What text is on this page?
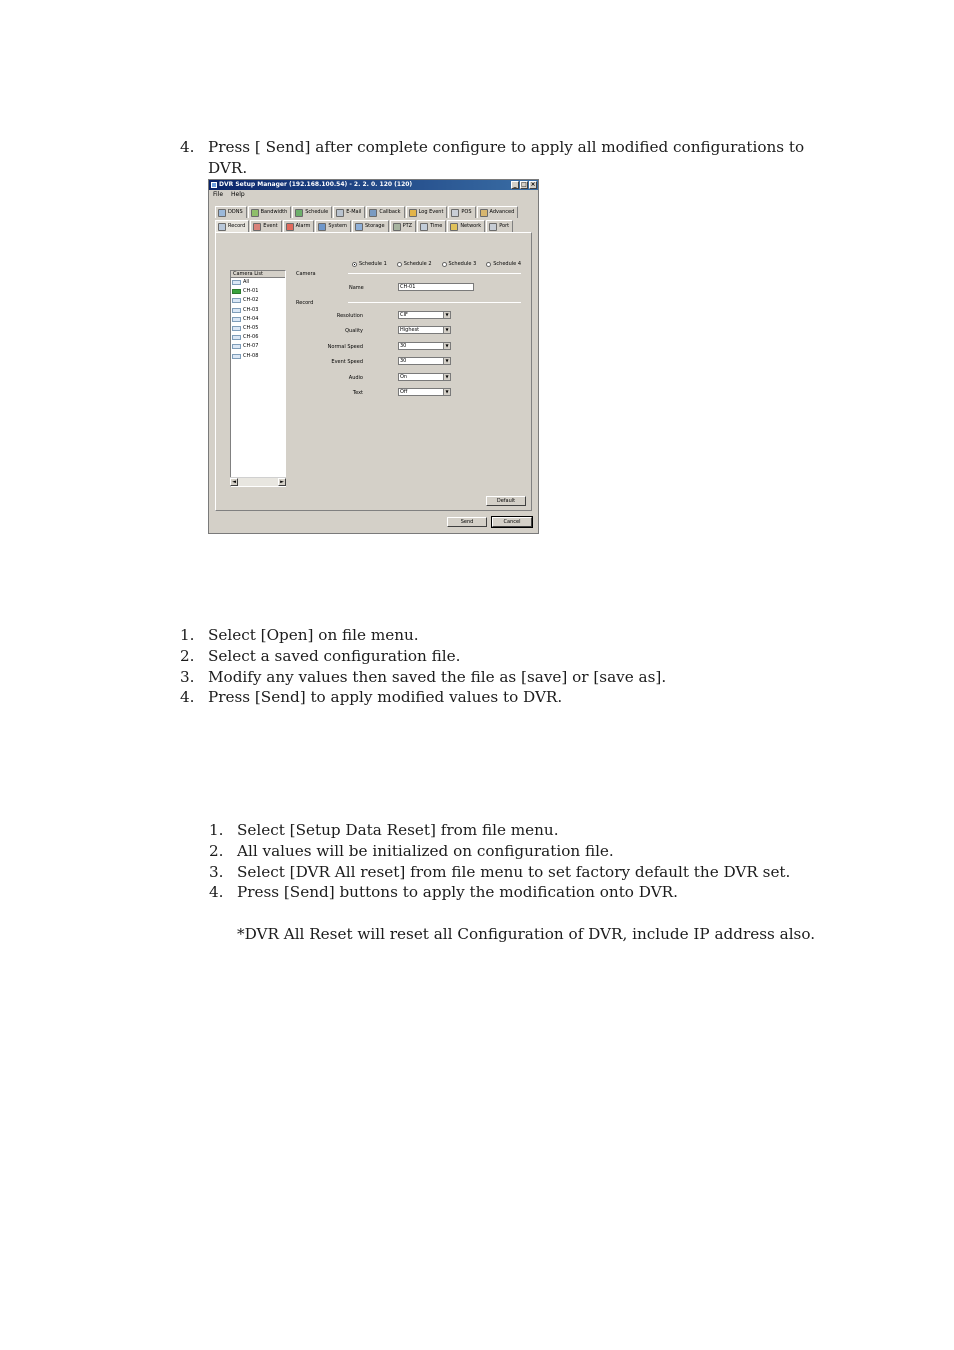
4. Press [ Send] after complete configure to apply all modified configurations to
DVR.
DVR Setup Manager (192.168.100.54) - 2. 2. 0. 120 (120)	_ □ ×
File Help
DDNS	Bandwidth	Schedule	E-Mail	Callback	Log Event	POS	Advanced
Record	Event	Alarm	System	Storage	PTZ	Time	Network	Port
Schedule 1	Schedule 2	Schedule 3	Schedule 4
Camera List
All
CH-01
CH-02
CH-03
CH-04
CH-05
CH-06
CH-07
CH-08
◄	►
Camera
Name	CH-01
Record
Resolution	CIF	▼
Quality	Highest	▼
Normal Speed	30	▼
Event Speed	30	▼
Audio	On	▼
Text	Off	▼
Default
Send	Cancel
1. Select [Open] on file menu.
2. Select a saved configuration file.
3. Modify any values then saved the file as [save] or [save as].
4. Press [Send] to apply modified values to DVR.
1. Select [Setup Data Reset] from file menu.
2. All values will be initialized on configuration file.
3. Select [DVR All reset] from file menu to set factory default the DVR set.
4. Press [Send] buttons to apply the modification onto DVR.
*DVR All Reset will reset all Configuration of DVR, include IP address also.
